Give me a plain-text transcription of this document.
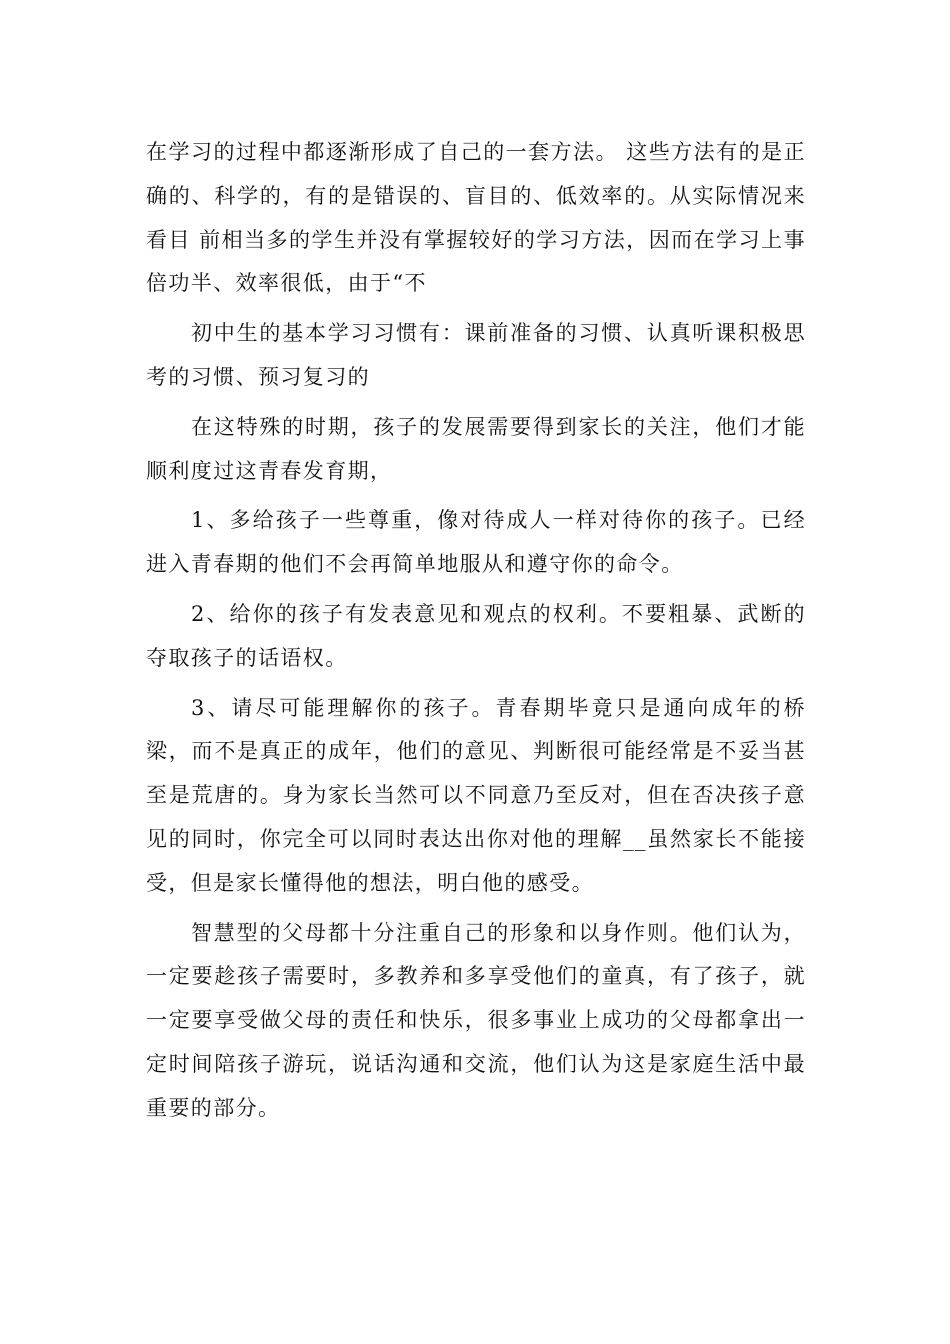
在学习的过程中都逐渐形成了自己的一套方法。 这些方法有的是正确的、科学的，有的是错误的、盲目的、低效率的。从实际情况来看目 前相当多的学生并没有掌握较好的学习方法，因而在学习上事倍功半、效率很低，由于“不

初中生的基本学习习惯有：课前准备的习惯、认真听课积极思考的习惯、预习复习的

在这特殊的时期，孩子的发展需要得到家长的关注，他们才能顺利度过这青春发育期，

1、多给孩子一些尊重，像对待成人一样对待你的孩子。已经进入青春期的他们不会再简单地服从和遵守你的命令。

2、给你的孩子有发表意见和观点的权利。不要粗暴、武断的夺取孩子的话语权。

3、请尽可能理解你的孩子。青春期毕竟只是通向成年的桥梁，而不是真正的成年，他们的意见、判断很可能经常是不妥当甚至是荒唐的。身为家长当然可以不同意乃至反对，但在否决孩子意见的同时，你完全可以同时表达出你对他的理解__虽然家长不能接受，但是家长懂得他的想法，明白他的感受。

智慧型的父母都十分注重自己的形象和以身作则。他们认为，一定要趁孩子需要时，多教养和多享受他们的童真，有了孩子，就一定要享受做父母的责任和快乐，很多事业上成功的父母都拿出一定时间陪孩子游玩，说话沟通和交流，他们认为这是家庭生活中最重要的部分。
